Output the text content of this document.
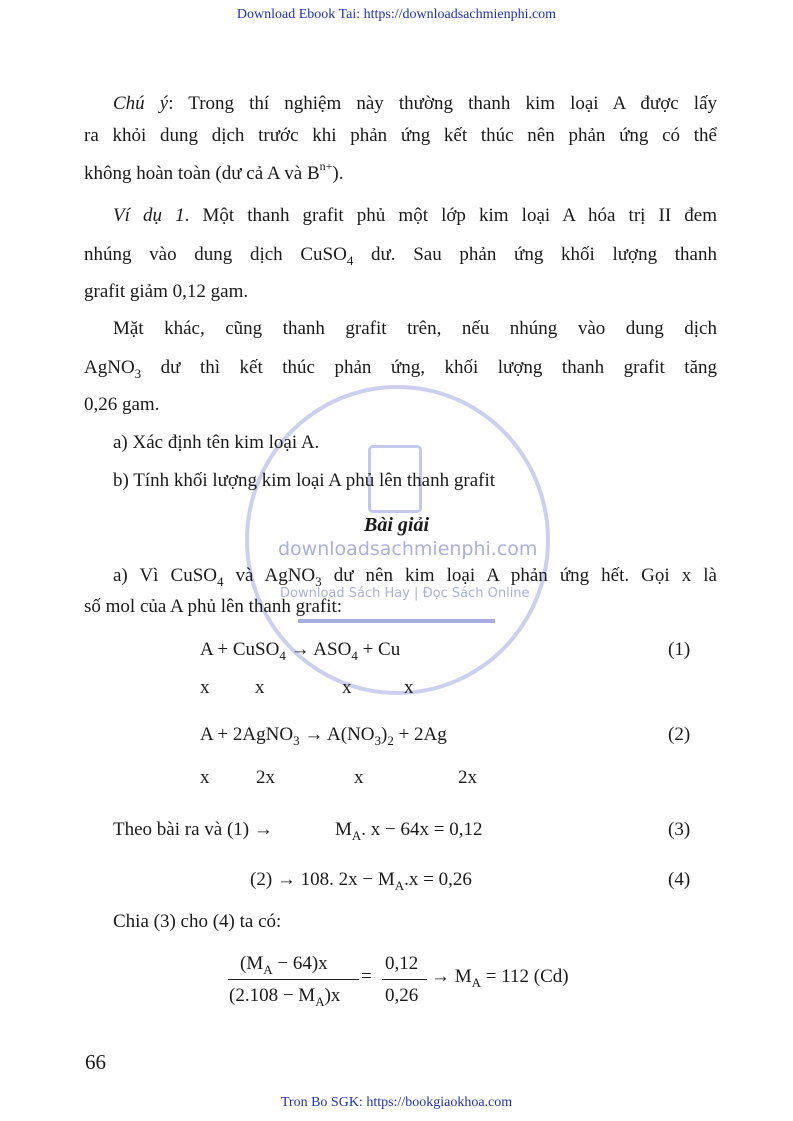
Download Ebook Tai: https://downloadsachmienphi.com
downloadsachmienphi.com
Download Sách Hay | Đọc Sách Online
Chú ý: Trong thí nghiệm này thường thanh kim loại A được lấy
ra khỏi dung dịch trước khi phản ứng kết thúc nên phản ứng có thể
không hoàn toàn (dư cả A và $B^{n+}$).
Ví dụ 1. Một thanh grafit phủ một lớp kim loại A hóa trị II đem
nhúng vào dung dịch CuSO$_4$ dư. Sau phản ứng khối lượng thanh
grafit giảm 0,12 gam.
Mặt khác, cũng thanh grafit trên, nếu nhúng vào dung dịch
AgNO$_3$ dư thì kết thúc phản ứng, khối lượng thanh grafit tăng
0,26 gam.
a) Xác định tên kim loại A.
b) Tính khối lượng kim loại A phủ lên thanh grafit
Bài giải
a) Vì CuSO$_4$ và AgNO$_3$ dư nên kim loại A phản ứng hết. Gọi x là
số mol của A phủ lên thanh grafit:
A + CuSO$_4$ → $ASO_4 + Cu$
x x	x	x
A + 2AgNO$_3$ → $A(NO_3)_2 + 2Ag$
x 2x	x	2x
Theo bài ra và (1) →	$M_A$. x − 64x = 0,12
(2) → 108. $2x - M_A.x = 0,26$
Chia (3) cho (4) ta có:
$(M_A - 64)x$
$(2.108 - M_A)x$
=
0,12
0,26
→ $M_A = 112$ (Cd)
(1)
(2)
(3)
(4)
66
Tron Bo SGK: https://bookgiaokhoa.com
